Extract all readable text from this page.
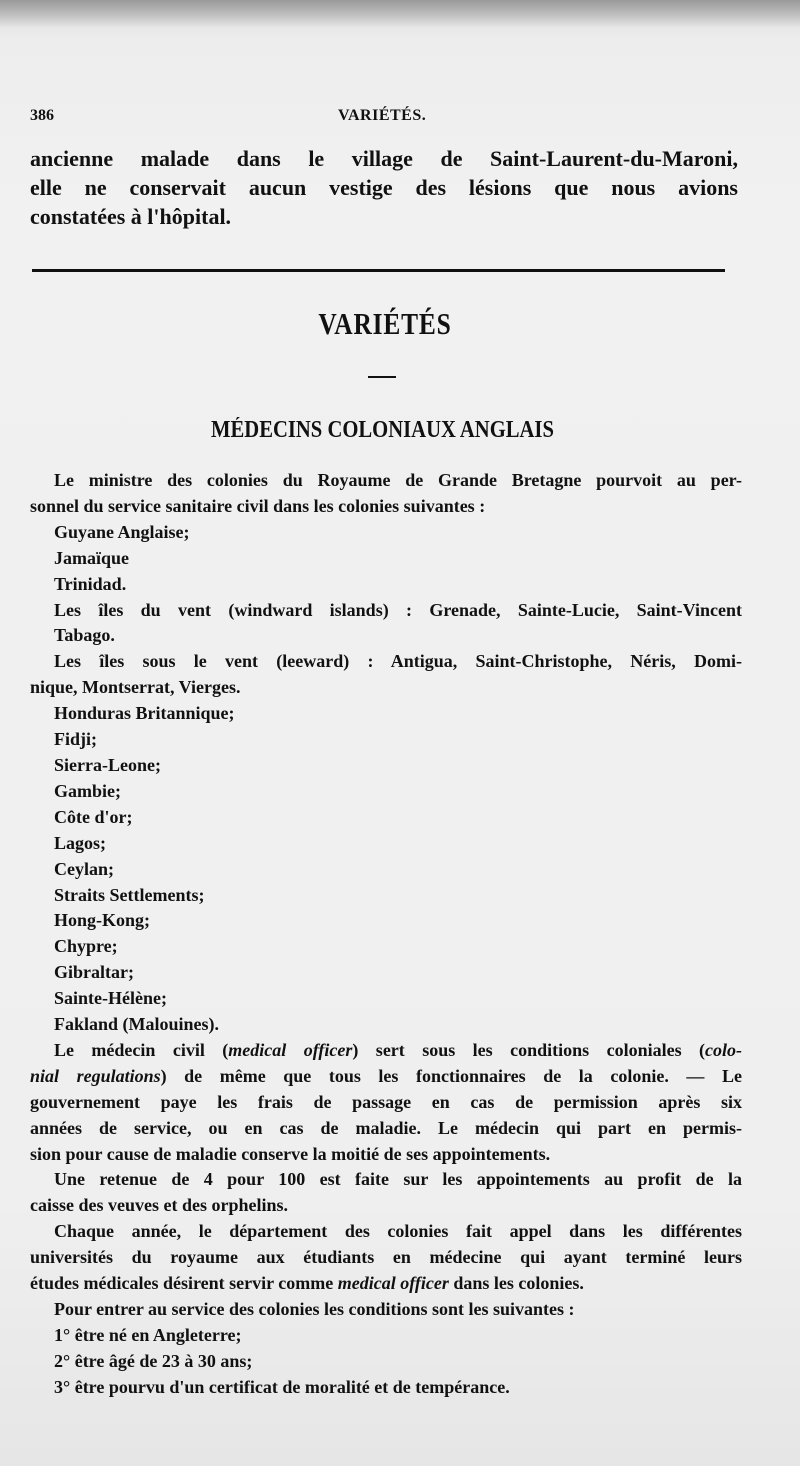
386	VARIÉTÉS.
ancienne malade dans le village de Saint-Laurent-du-Maroni,
elle ne conservait aucun vestige des lésions que nous avions
constatées à l'hôpital.
VARIÉTÉS
MÉDECINS COLONIAUX ANGLAIS
Le ministre des colonies du Royaume de Grande Bretagne pourvoit au per-
sonnel du service sanitaire civil dans les colonies suivantes :
Guyane Anglaise;
Jamaïque
Trinidad.
Les îles du vent (windward islands) : Grenade, Sainte-Lucie, Saint-Vincent
Tabago.
Les îles sous le vent (leeward) : Antigua, Saint-Christophe, Néris, Domi-
nique, Montserrat, Vierges.
Honduras Britannique;
Fidji;
Sierra-Leone;
Gambie;
Côte d'or;
Lagos;
Ceylan;
Straits Settlements;
Hong-Kong;
Chypre;
Gibraltar;
Sainte-Hélène;
Fakland (Malouines).
Le médecin civil (medical officer) sert sous les conditions coloniales (colo-
nial regulations) de même que tous les fonctionnaires de la colonie. — Le
gouvernement paye les frais de passage en cas de permission après six
années de service, ou en cas de maladie. Le médecin qui part en permis-
sion pour cause de maladie conserve la moitié de ses appointements.
Une retenue de 4 pour 100 est faite sur les appointements au profit de la
caisse des veuves et des orphelins.
Chaque année, le département des colonies fait appel dans les différentes
universités du royaume aux étudiants en médecine qui ayant terminé leurs
études médicales désirent servir comme medical officer dans les colonies.
Pour entrer au service des colonies les conditions sont les suivantes :
1° être né en Angleterre;
2° être âgé de 23 à 30 ans;
3° être pourvu d'un certificat de moralité et de tempérance.
